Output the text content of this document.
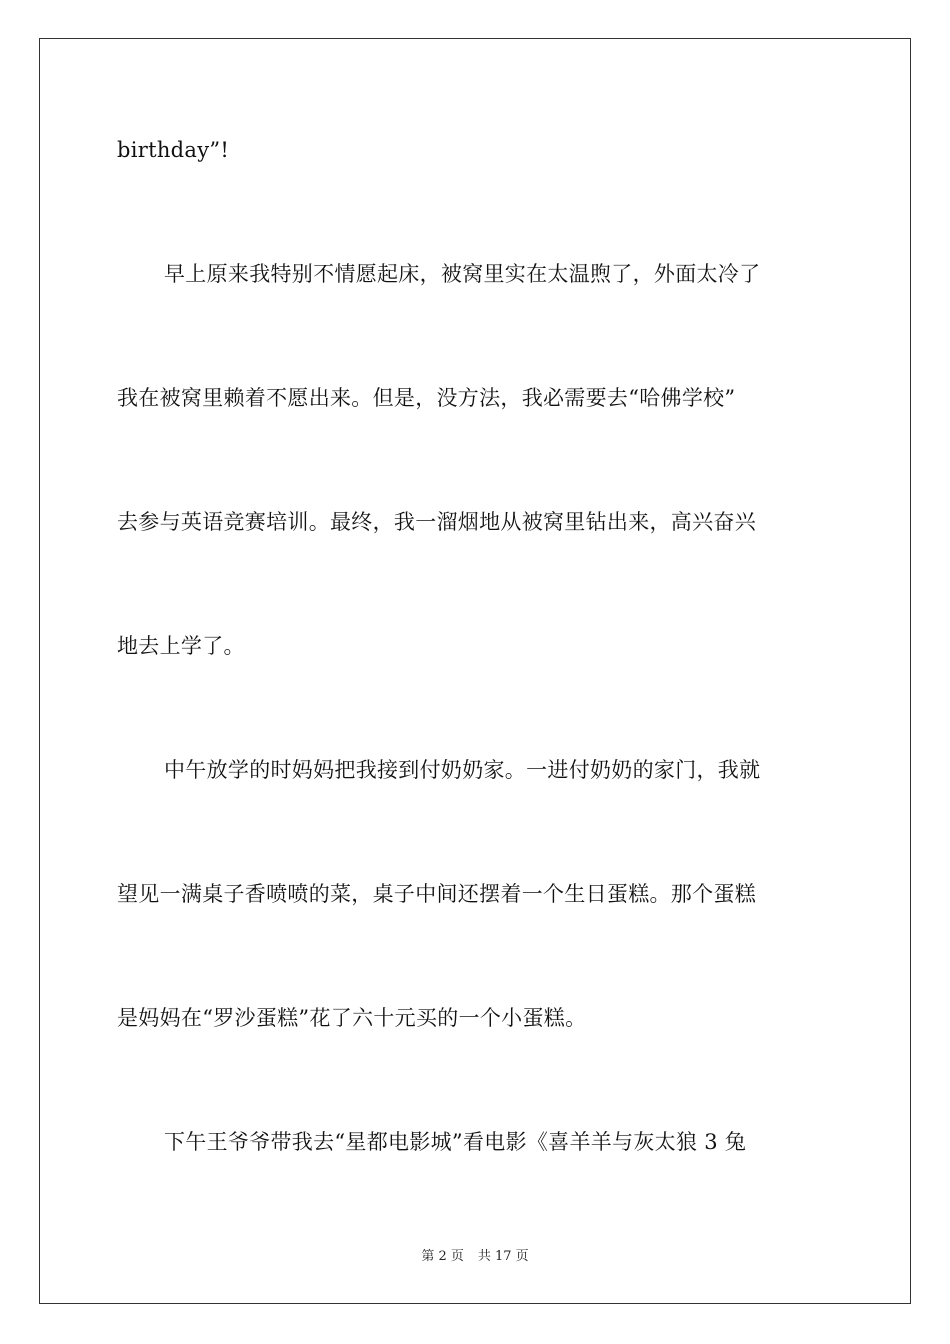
birthday”!
早上原来我特别不情愿起床，被窝里实在太温煦了，外面太冷了
我在被窝里赖着不愿出来。但是，没方法，我必需要去“哈佛学校”
去参与英语竞赛培训。最终，我一溜烟地从被窝里钻出来，高兴奋兴
地去上学了。
中午放学的时妈妈把我接到付奶奶家。一进付奶奶的家门，我就
望见一满桌子香喷喷的菜，桌子中间还摆着一个生日蛋糕。那个蛋糕
是妈妈在“罗沙蛋糕”花了六十元买的一个小蛋糕。
下午王爷爷带我去“星都电影城”看电影《喜羊羊与灰太狼 3 兔
第 2 页 共 17 页
